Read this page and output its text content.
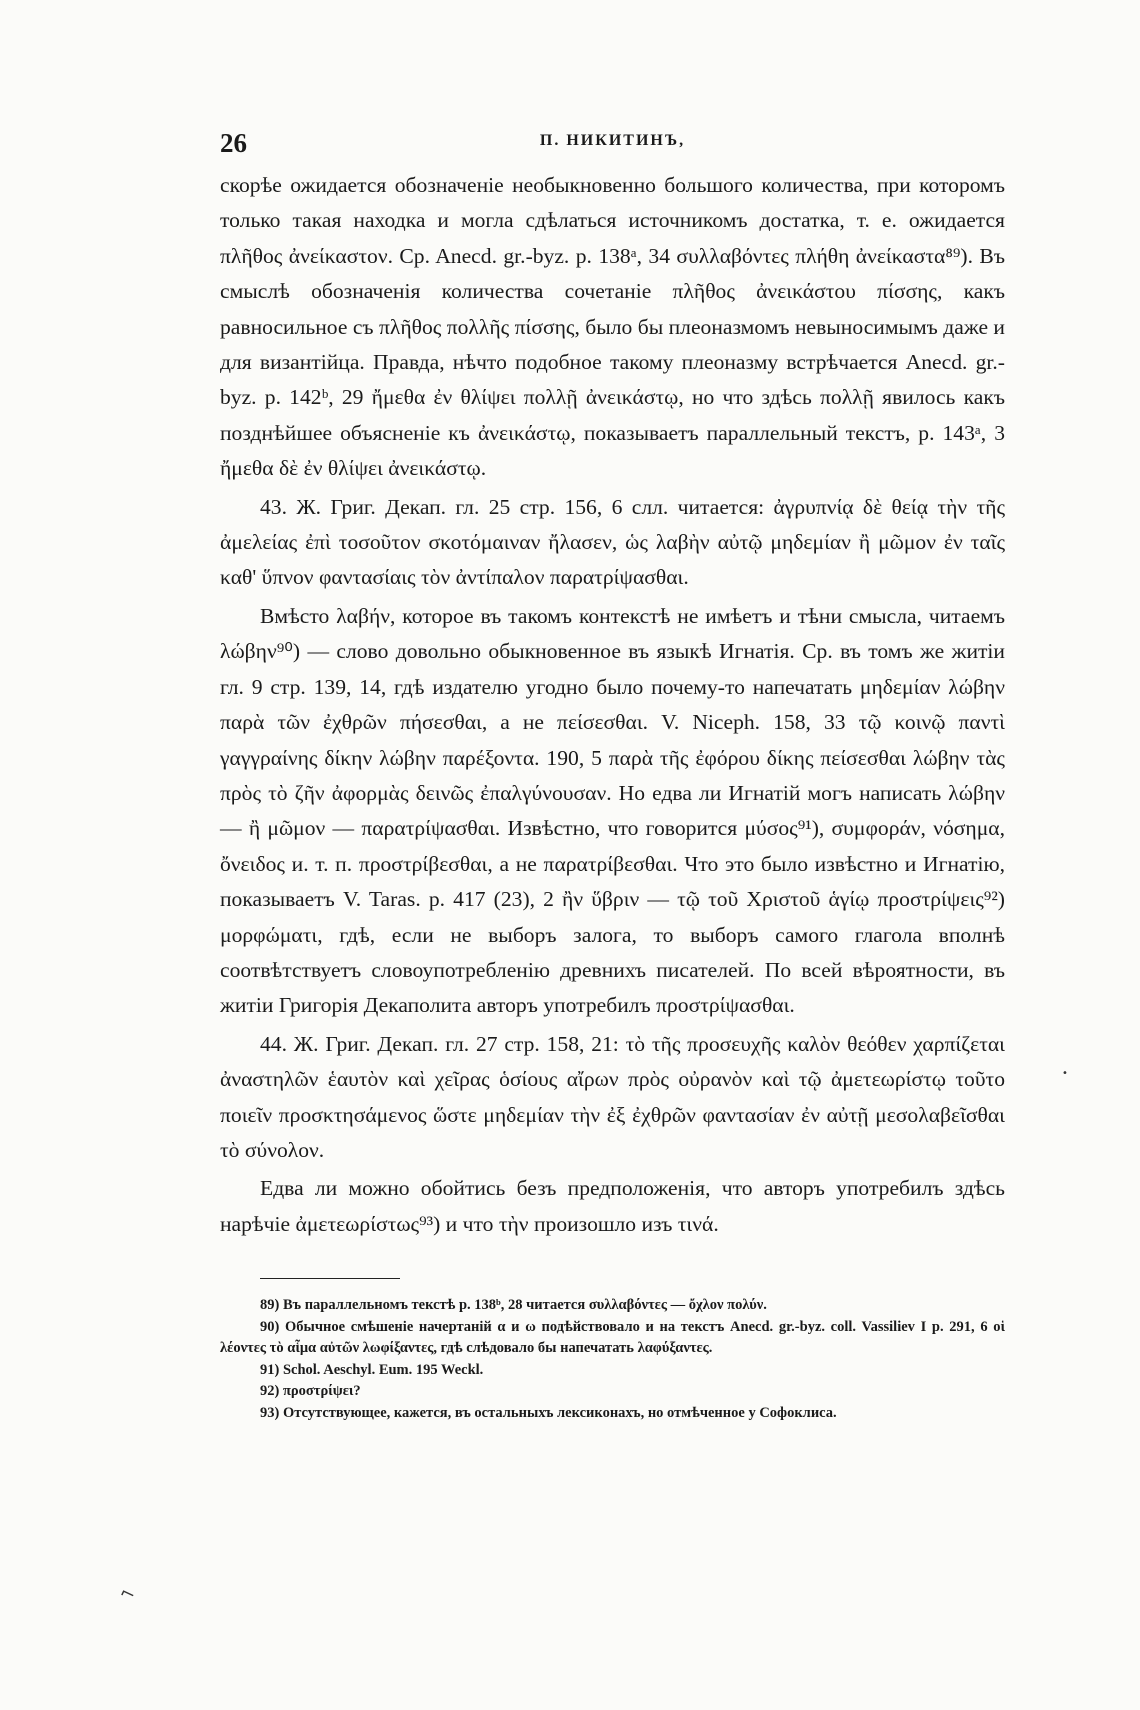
26	П. НИКИТИНЪ,

скорѣе ожидается обозначеніе необыкновенно большого количества, при которомъ только такая находка и могла сдѣлаться источникомъ достатка, т. е. ожидается πλῆθος ἀνείκαστον. Cp. Anecd. gr.-byz. p. 138ᵃ, 34 συλλαβόντες πλήθη ἀνείκαστα⁸⁹). Въ смыслѣ обозначенія количества сочетаніе πλῆθος ἀνεικάστου πίσσης, какъ равносильное съ πλῆθος πολλῆς πίσσης, было бы плеоназмомъ невыносимымъ даже и для византійца. Правда, нѣчто подобное такому плеоназму встрѣчается Anecd. gr.-byz. p. 142ᵇ, 29 ἤμεθα ἐν θλίψει πολλῇ ἀνεικάστῳ, но что здѣсь πολλῇ явилось какъ позднѣйшее объясненіе къ ἀνεικάστῳ, показываетъ параллельный текстъ, p. 143ᵃ, 3 ἤμεθα δὲ ἐν θλίψει ἀνεικάστῳ.

43. Ж. Григ. Декап. гл. 25 стр. 156, 6 слл. читается: ἀγρυπνίᾳ δὲ θείᾳ τὴν τῆς ἀμελείας ἐπὶ τοσοῦτον σκοτόμαιναν ἤλασεν, ὡς λαβὴν αὐτῷ μηδεμίαν ἢ μῶμον ἐν ταῖς καθ' ὕπνον φαντασίαις τὸν ἀντίπαλον παρατρίψασθαι.

Вмѣсто λαβήν, которое въ такомъ контекстѣ не имѣетъ и тѣни смысла, читаемъ λώβην⁹⁰) — слово довольно обыкновенное въ языкѣ Игнатія. Ср. въ томъ же житіи гл. 9 стр. 139, 14, гдѣ издателю угодно было почему-то напечатать μηδεμίαν λώβην παρὰ τῶν ἐχθρῶν πήσεσθαι, а не πείσεσθαι. V. Niceph. 158, 33 τῷ κοινῷ παντὶ γαγγραίνης δίκην λώβην παρέξοντα. 190, 5 παρὰ τῆς ἐφόρου δίκης πείσεσθαι λώβην τὰς πρὸς τὸ ζῆν ἀφορμὰς δεινῶς ἐπαλγύνουσαν. Но едва ли Игнатій могъ написать λώβην — ἢ μῶμον — παρατρίψασθαι. Извѣстно, что говорится μύσος⁹¹), συμφοράν, νόσημα, ὄνειδος и. т. п. προστρίβεσθαι, а не παρατρίβεσθαι. Что это было извѣстно и Игнатію, показываетъ V. Taras. p. 417 (23), 2 ἢν ὕβριν — τῷ τοῦ Χριστοῦ ἁγίῳ προστρίψεις⁹²) μορφώματι, гдѣ, если не выборъ залога, то выборъ самого глагола вполнѣ соотвѣтствуетъ словоупотребленію древнихъ писателей. По всей вѣроятности, въ житіи Григорія Декаполита авторъ употребилъ προστρίψασθαι.

44. Ж. Григ. Декап. гл. 27 стр. 158, 21: τὸ τῆς προσευχῆς καλὸν θεόθεν χαρπίζεται ἀναστηλῶν ἑαυτὸν καὶ χεῖρας ὁσίους αἴρων πρὸς οὐρανὸν καὶ τῷ ἀμετεωρίστῳ τοῦτο ποιεῖν προσκτησάμενος ὥστε μηδεμίαν τὴν ἐξ ἐχθρῶν φαντασίαν ἐν αὐτῇ μεσολαβεῖσθαι τὸ σύνολον.

Едва ли можно обойтись безъ предположенія, что авторъ употребилъ здѣсь нарѣчіе ἀμετεωρίστως⁹³) и что τὴν произошло изъ τινά.

89) Въ параллельномъ текстѣ p. 138ᵇ, 28 читается συλλαβόντες — ὄχλον πολύν.

90) Обычное смѣшеніе начертаній α и ω подѣйствовало и на текстъ Anecd. gr.-byz. coll. Vassiliev I p. 291, 6 οἱ λέοντες τὸ αἷμα αὐτῶν λωφίξαντες, гдѣ слѣдовало бы напечатать λαφύξαντες.

91) Schol. Aeschyl. Eum. 195 Weckl.

92) προστρίψει?

93) Отсутствующее, кажется, въ остальныхъ лексиконахъ, но отмѣченное у Софоклиса.

•
⌐
